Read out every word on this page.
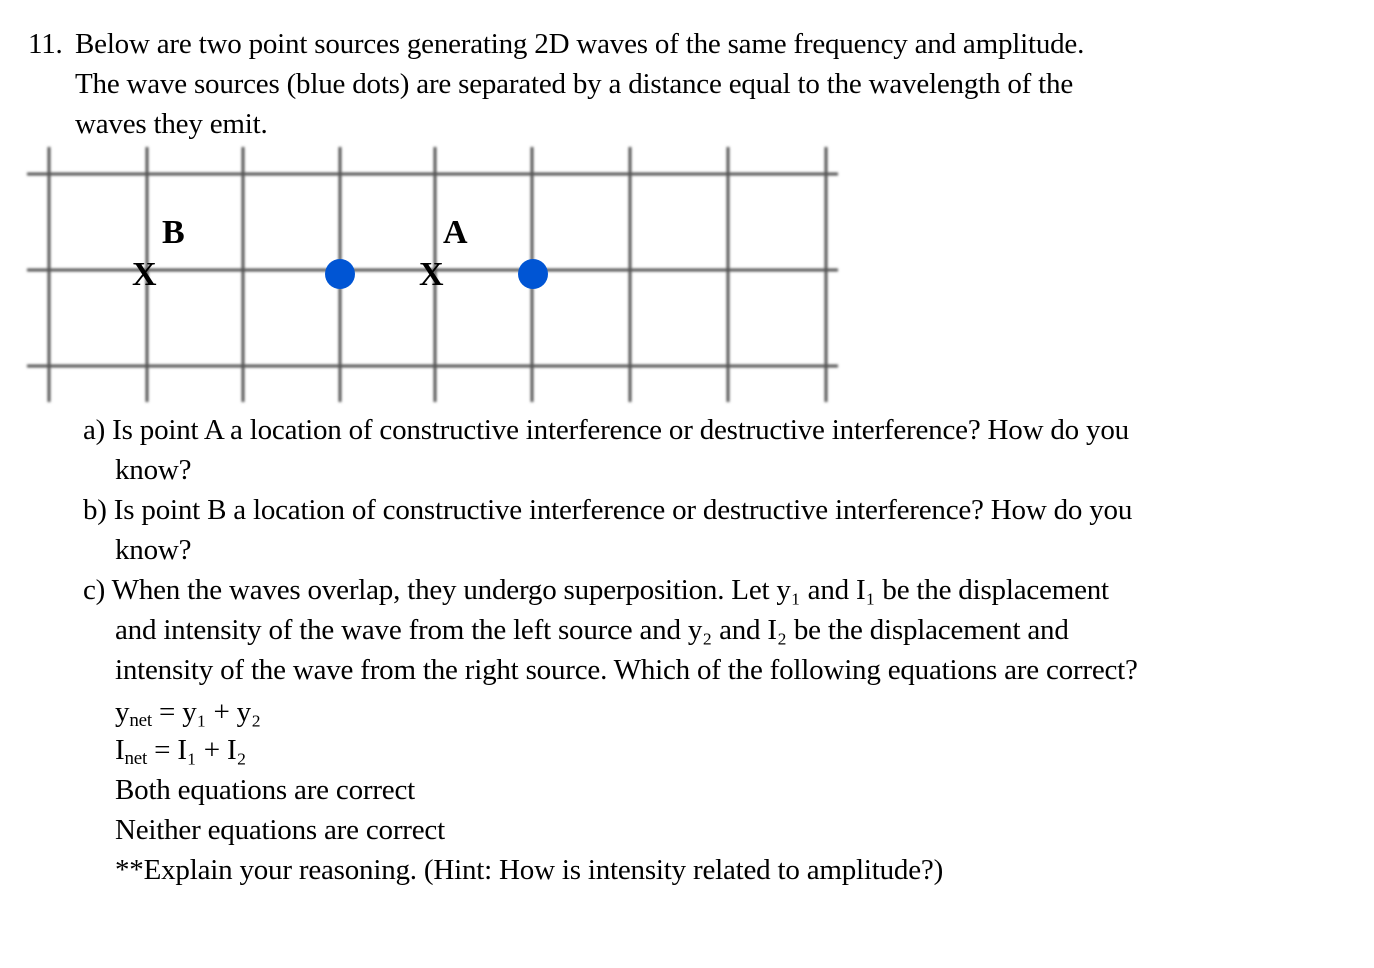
11. Below are two point sources generating 2D waves of the same frequency and amplitude.
The wave sources (blue dots) are separated by a distance equal to the wavelength of the
waves they emit.
B	A
X	X
a) Is point A a location of constructive interference or destructive interference? How do you
know?
b) Is point B a location of constructive interference or destructive interference? How do you
know?
c) When the waves overlap, they undergo superposition. Let y₁ and I₁ be the displacement
and intensity of the wave from the left source and y₂ and I₂ be the displacement and
intensity of the wave from the right source. Which of the following equations are correct?
$y_{net} = y_1 + y_2$
$I_{net} = I_1 + I_2$
Both equations are correct
Neither equations are correct
**Explain your reasoning. (Hint: How is intensity related to amplitude?)
